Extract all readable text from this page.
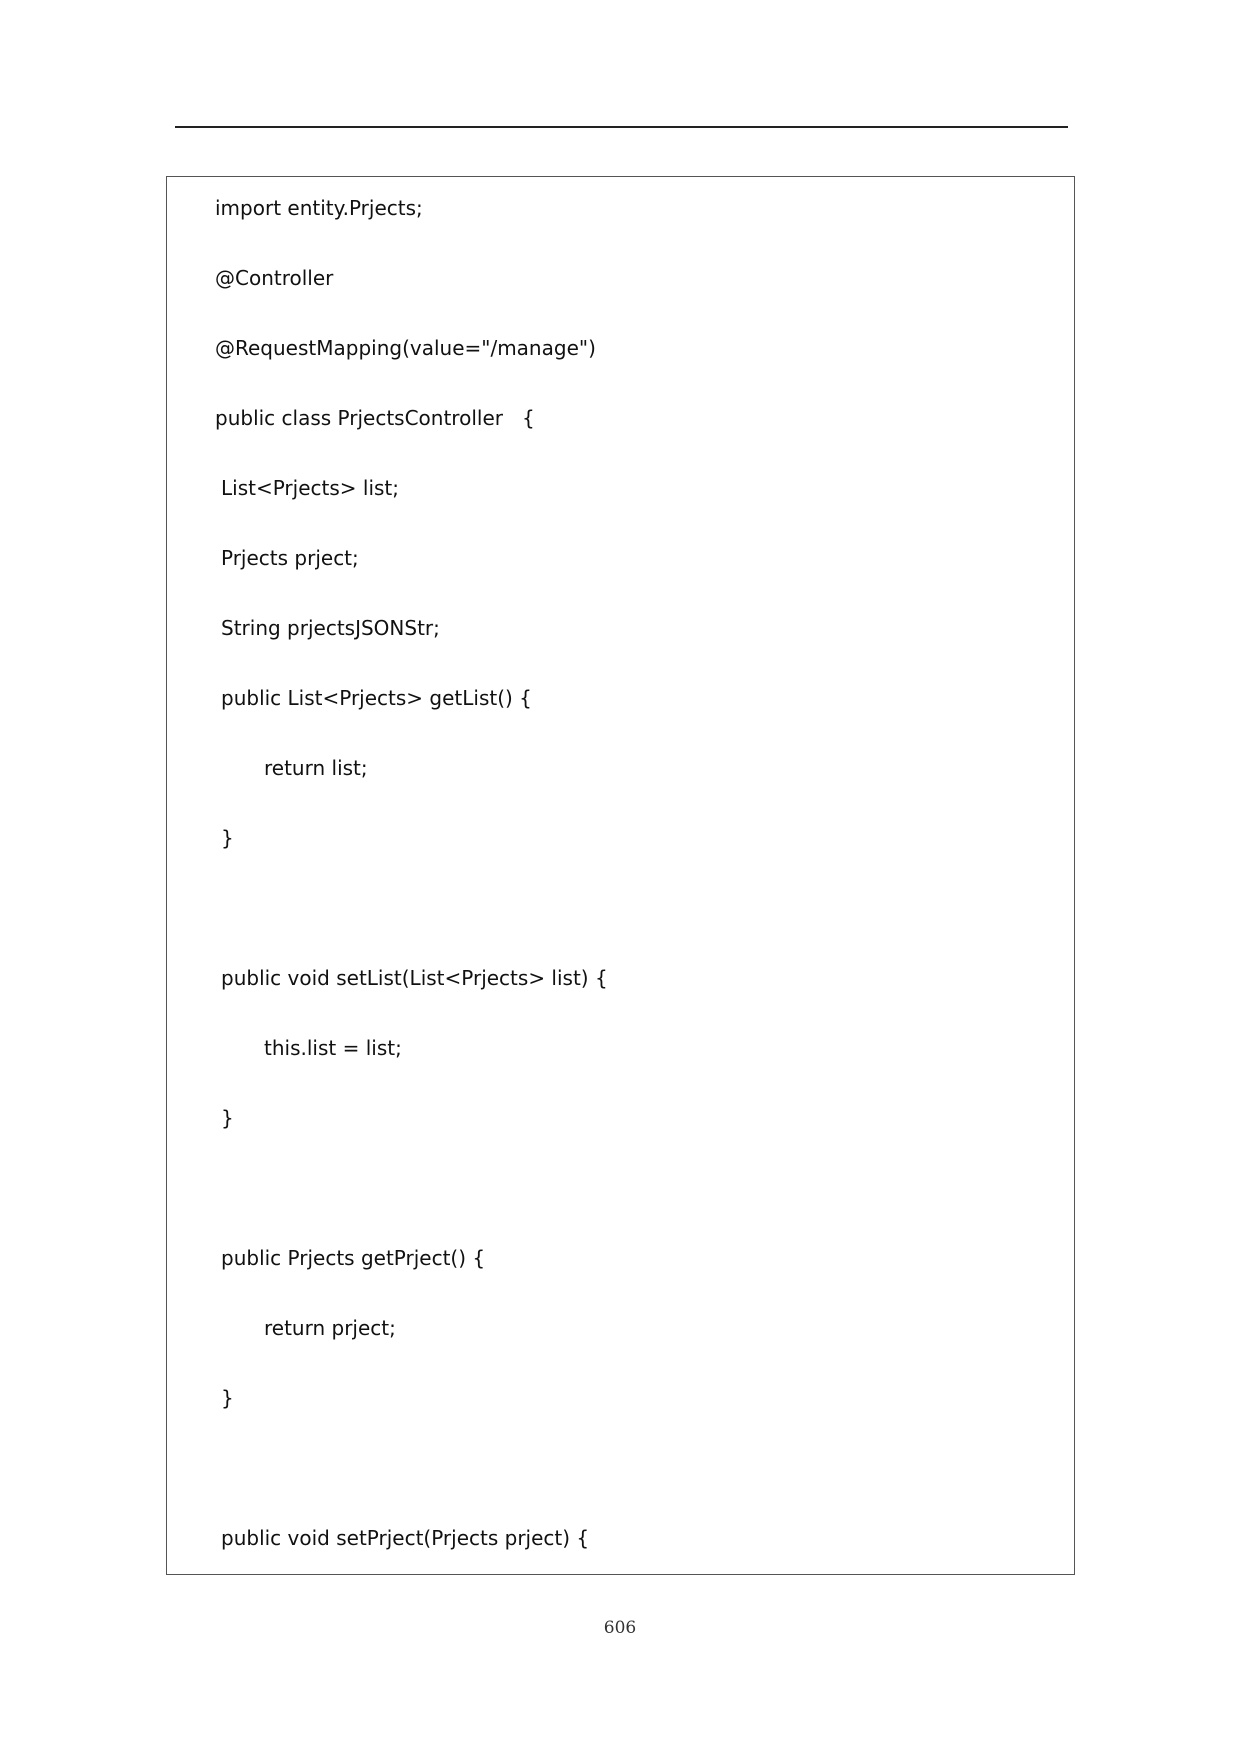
import entity.Prjects;
@Controller
@RequestMapping(value="/manage")
public class PrjectsController   {
List<Prjects> list;
Prjects prject;
String prjectsJSONStr;
public List<Prjects> getList() {
return list;
}
public void setList(List<Prjects> list) {
this.list = list;
}
public Prjects getPrject() {
return prject;
}
public void setPrject(Prjects prject) {
606
